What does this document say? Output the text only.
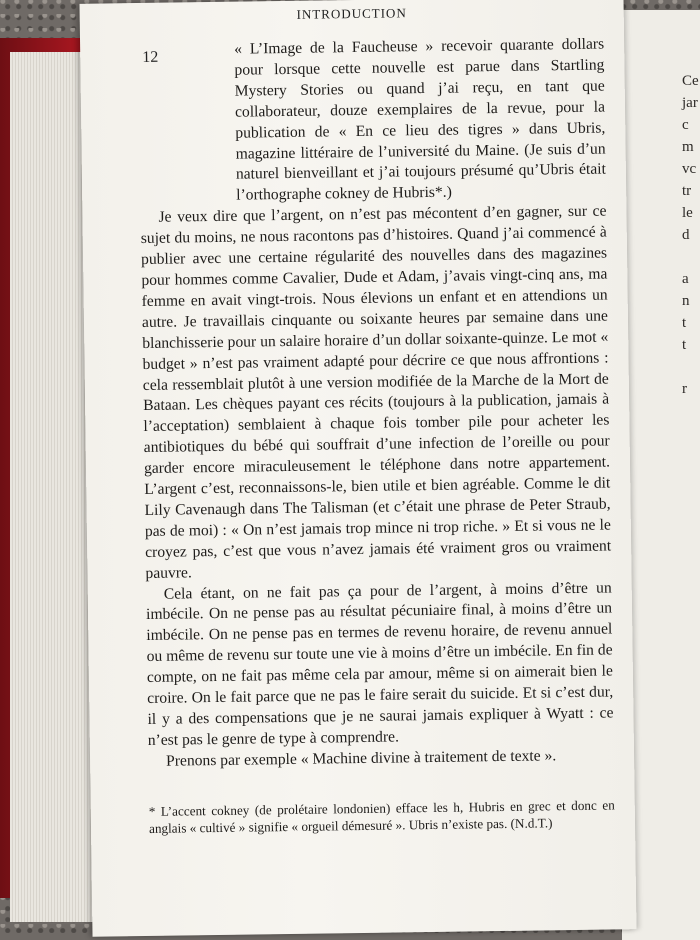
Ce
jar
c
m
vc
tr
le
d

a
n
t
t

r
INTRODUCTION
12	« L’Image de la Faucheuse » recevoir quarante dollars pour lorsque cette nouvelle est parue dans Startling Mystery Stories ou quand j’ai reçu, en tant que collaborateur, douze exemplaires de la revue, pour la publication de « En ce lieu des tigres » dans Ubris, magazine littéraire de l’université du Maine. (Je suis d’un naturel bienveillant et j’ai toujours présumé qu’Ubris était l’orthographe cokney de Hubris*.)

Je veux dire que l’argent, on n’est pas mécontent d’en gagner, sur ce sujet du moins, ne nous racontons pas d’histoires. Quand j’ai commencé à publier avec une certaine régularité des nouvelles dans des magazines pour hommes comme Cavalier, Dude et Adam, j’avais vingt-cinq ans, ma femme en avait vingt-trois. Nous élevions un enfant et en attendions un autre. Je travaillais cinquante ou soixante heures par semaine dans une blanchisserie pour un salaire horaire d’un dollar soixante-quinze. Le mot « budget » n’est pas vraiment adapté pour décrire ce que nous affrontions : cela ressemblait plutôt à une version modifiée de la Marche de la Mort de Bataan. Les chèques payant ces récits (toujours à la publication, jamais à l’acceptation) semblaient à chaque fois tomber pile pour acheter les antibiotiques du bébé qui souffrait d’une infection de l’oreille ou pour garder encore miraculeusement le téléphone dans notre appartement. L’argent c’est, reconnaissons-le, bien utile et bien agréable. Comme le dit Lily Cavenaugh dans The Talisman (et c’était une phrase de Peter Straub, pas de moi) : « On n’est jamais trop mince ni trop riche. » Et si vous ne le croyez pas, c’est que vous n’avez jamais été vraiment gros ou vraiment pauvre.

Cela étant, on ne fait pas ça pour de l’argent, à moins d’être un imbécile. On ne pense pas au résultat pécuniaire final, à moins d’être un imbécile. On ne pense pas en termes de revenu horaire, de revenu annuel ou même de revenu sur toute une vie à moins d’être un imbécile. En fin de compte, on ne fait pas même cela par amour, même si on aimerait bien le croire. On le fait parce que ne pas le faire serait du suicide. Et si c’est dur, il y a des compensations que je ne saurai jamais expliquer à Wyatt : ce n’est pas le genre de type à comprendre.

Prenons par exemple « Machine divine à traitement de texte ».

* L’accent cokney (de prolétaire londonien) efface les h, Hubris en grec et donc en anglais « cultivé » signifie « orgueil démesuré ». Ubris n’existe pas. (N.d.T.)
